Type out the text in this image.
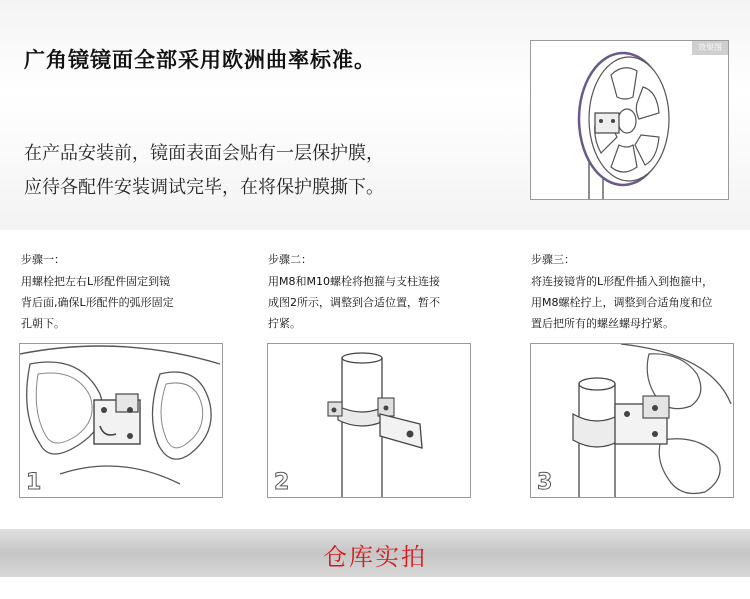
广角镜镜面全部采用欧洲曲率标准。
在产品安装前，镜面表面会贴有一层保护膜，
应待各配件安装调试完毕，在将保护膜撕下。
效果图
步骤一：
用螺栓把左右L形配件固定到镜
背后面,确保L形配件的弧形固定
孔朝下。
1
步骤二：
用M8和M10螺栓将抱箍与支柱连接
成图2所示，调整到合适位置，暂不
拧紧。
2
步骤三：
将连接镜背的L形配件插入到抱箍中，
用M8螺栓拧上，调整到合适角度和位
置后把所有的螺丝螺母拧紧。
3
仓库实拍
